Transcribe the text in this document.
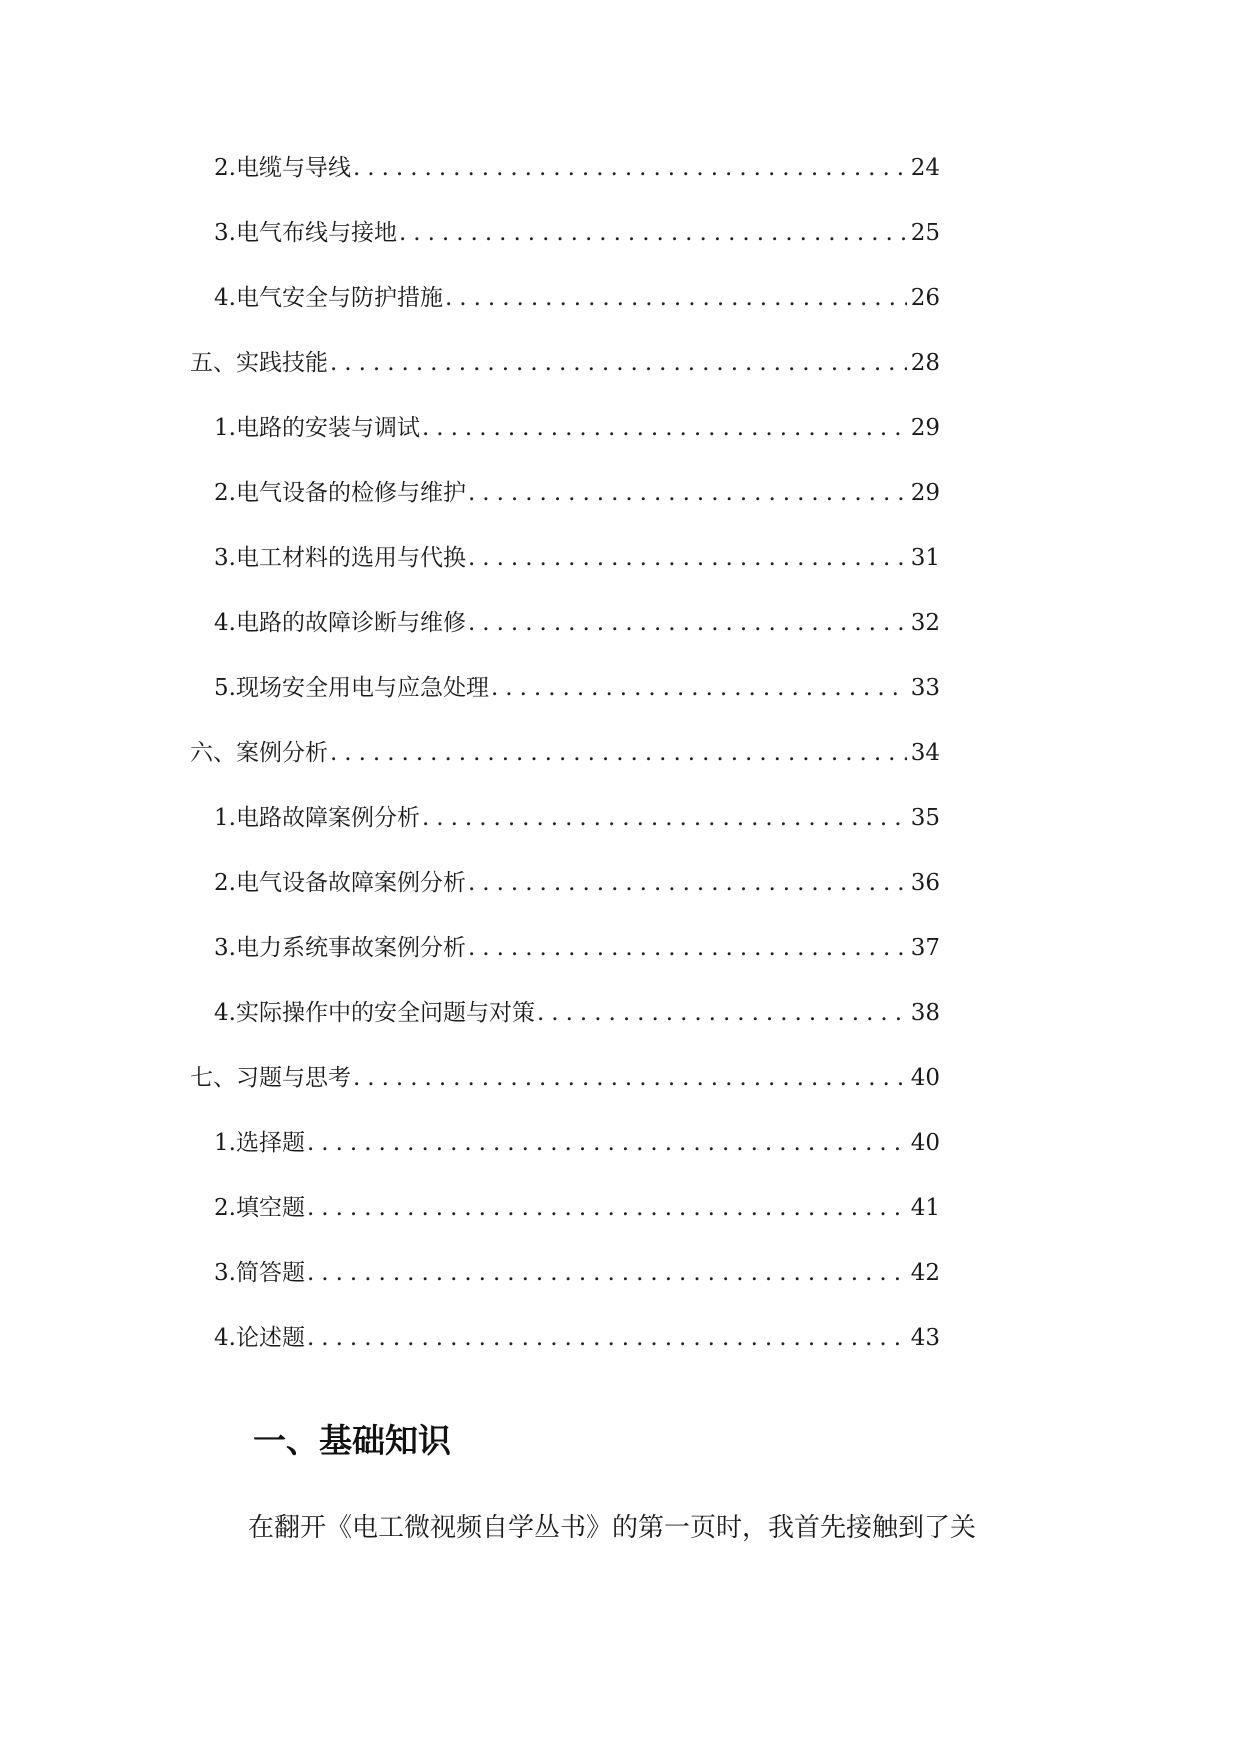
2. 电缆与导线 .....	24
3. 电气布线与接地 .....	25
4. 电气安全与防护措施 .....	26
五、实践技能 .....	28
1. 电路的安装与调试 .....	29
2. 电气设备的检修与维护 .....	29
3. 电工材料的选用与代换 .....	31
4. 电路的故障诊断与维修 .....	32
5. 现场安全用电与应急处理 .....	33
六、案例分析 .....	34
1. 电路故障案例分析 .....	35
2. 电气设备故障案例分析 .....	36
3. 电力系统事故案例分析 .....	37
4. 实际操作中的安全问题与对策 .....	38
七、习题与思考 .....	40
1. 选择题 .....	40
2. 填空题 .....	41
3. 简答题 .....	42
4. 论述题 .....	43
一、基础知识

在翻开《电工微视频自学丛书》的第一页时，我首先接触到了关
